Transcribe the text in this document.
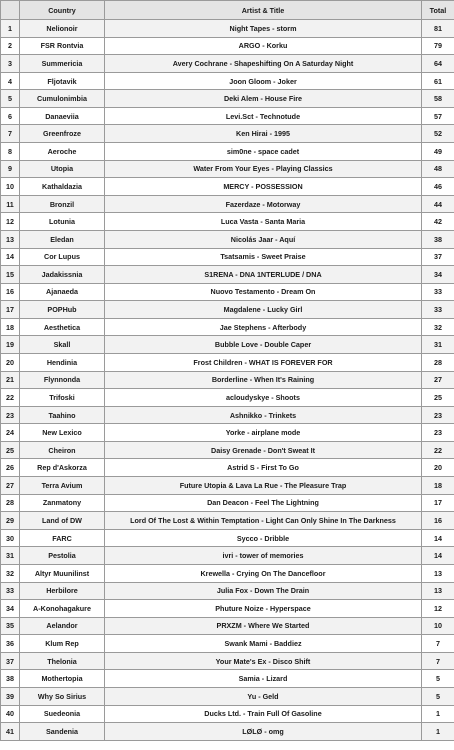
	Country	Artist & Title	Total
1	Nelionoir	Night Tapes - storm	81
2	FSR Rontvia	ARGO - Korku	79
3	Summericia	Avery Cochrane - Shapeshifting On A Saturday Night	64
4	Fljotavik	Joon Gloom - Joker	61
5	Cumulonimbia	Deki Alem - House Fire	58
6	Danaeviia	Levi.Sct - Technotude	57
7	Greenfroze	Ken Hirai - 1995	52
8	Aeroche	sim0ne - space cadet	49
9	Utopia	Water From Your Eyes - Playing Classics	48
10	Kathaldazia	MERCY - POSSESSION	46
11	Bronzil	Fazerdaze - Motorway	44
12	Lotunia	Luca Vasta - Santa Maria	42
13	Eledan	Nicolás Jaar - Aquí	38
14	Cor Lupus	Tsatsamis - Sweet Praise	37
15	Jadakissnia	S1RENA - DNA 1NTERLUDE / DNA	34
16	Ajanaeda	Nuovo Testamento - Dream On	33
17	POPHub	Magdalene - Lucky Girl	33
18	Aesthetica	Jae Stephens - Afterbody	32
19	Skall	Bubble Love - Double Caper	31
20	Hendinia	Frost Children - WHAT IS FOREVER FOR	28
21	Flynnonda	Borderline - When It's Raining	27
22	Trifoski	acloudyskye - Shoots	25
23	Taahino	Ashnikko - Trinkets	23
24	New Lexico	Yorke - airplane mode	23
25	Cheiron	Daisy Grenade - Don't Sweat It	22
26	Rep d'Askorza	Astrid S - First To Go	20
27	Terra Avium	Future Utopia & Lava La Rue - The Pleasure Trap	18
28	Zanmatony	Dan Deacon - Feel The Lightning	17
29	Land of DW	Lord Of The Lost & Within Temptation - Light Can Only Shine In The Darkness	16
30	FARC	Sycco - Dribble	14
31	Pestolia	ivri - tower of memories	14
32	Altyr Muunilinst	Krewella - Crying On The Dancefloor	13
33	Herbilore	Julia Fox - Down The Drain	13
34	A-Konohagakure	Phuture Noize - Hyperspace	12
35	Aelandor	PRXZM - Where We Started	10
36	Klum Rep	Swank Mami - Baddiez	7
37	Thelonia	Your Mate's Ex - Disco Shift	7
38	Mothertopia	Samia - Lizard	5
39	Why So Sirius	Yu - Geld	5
40	Suedeonia	Ducks Ltd. - Train Full Of Gasoline	1
41	Sandenia	LØLØ - omg	1
